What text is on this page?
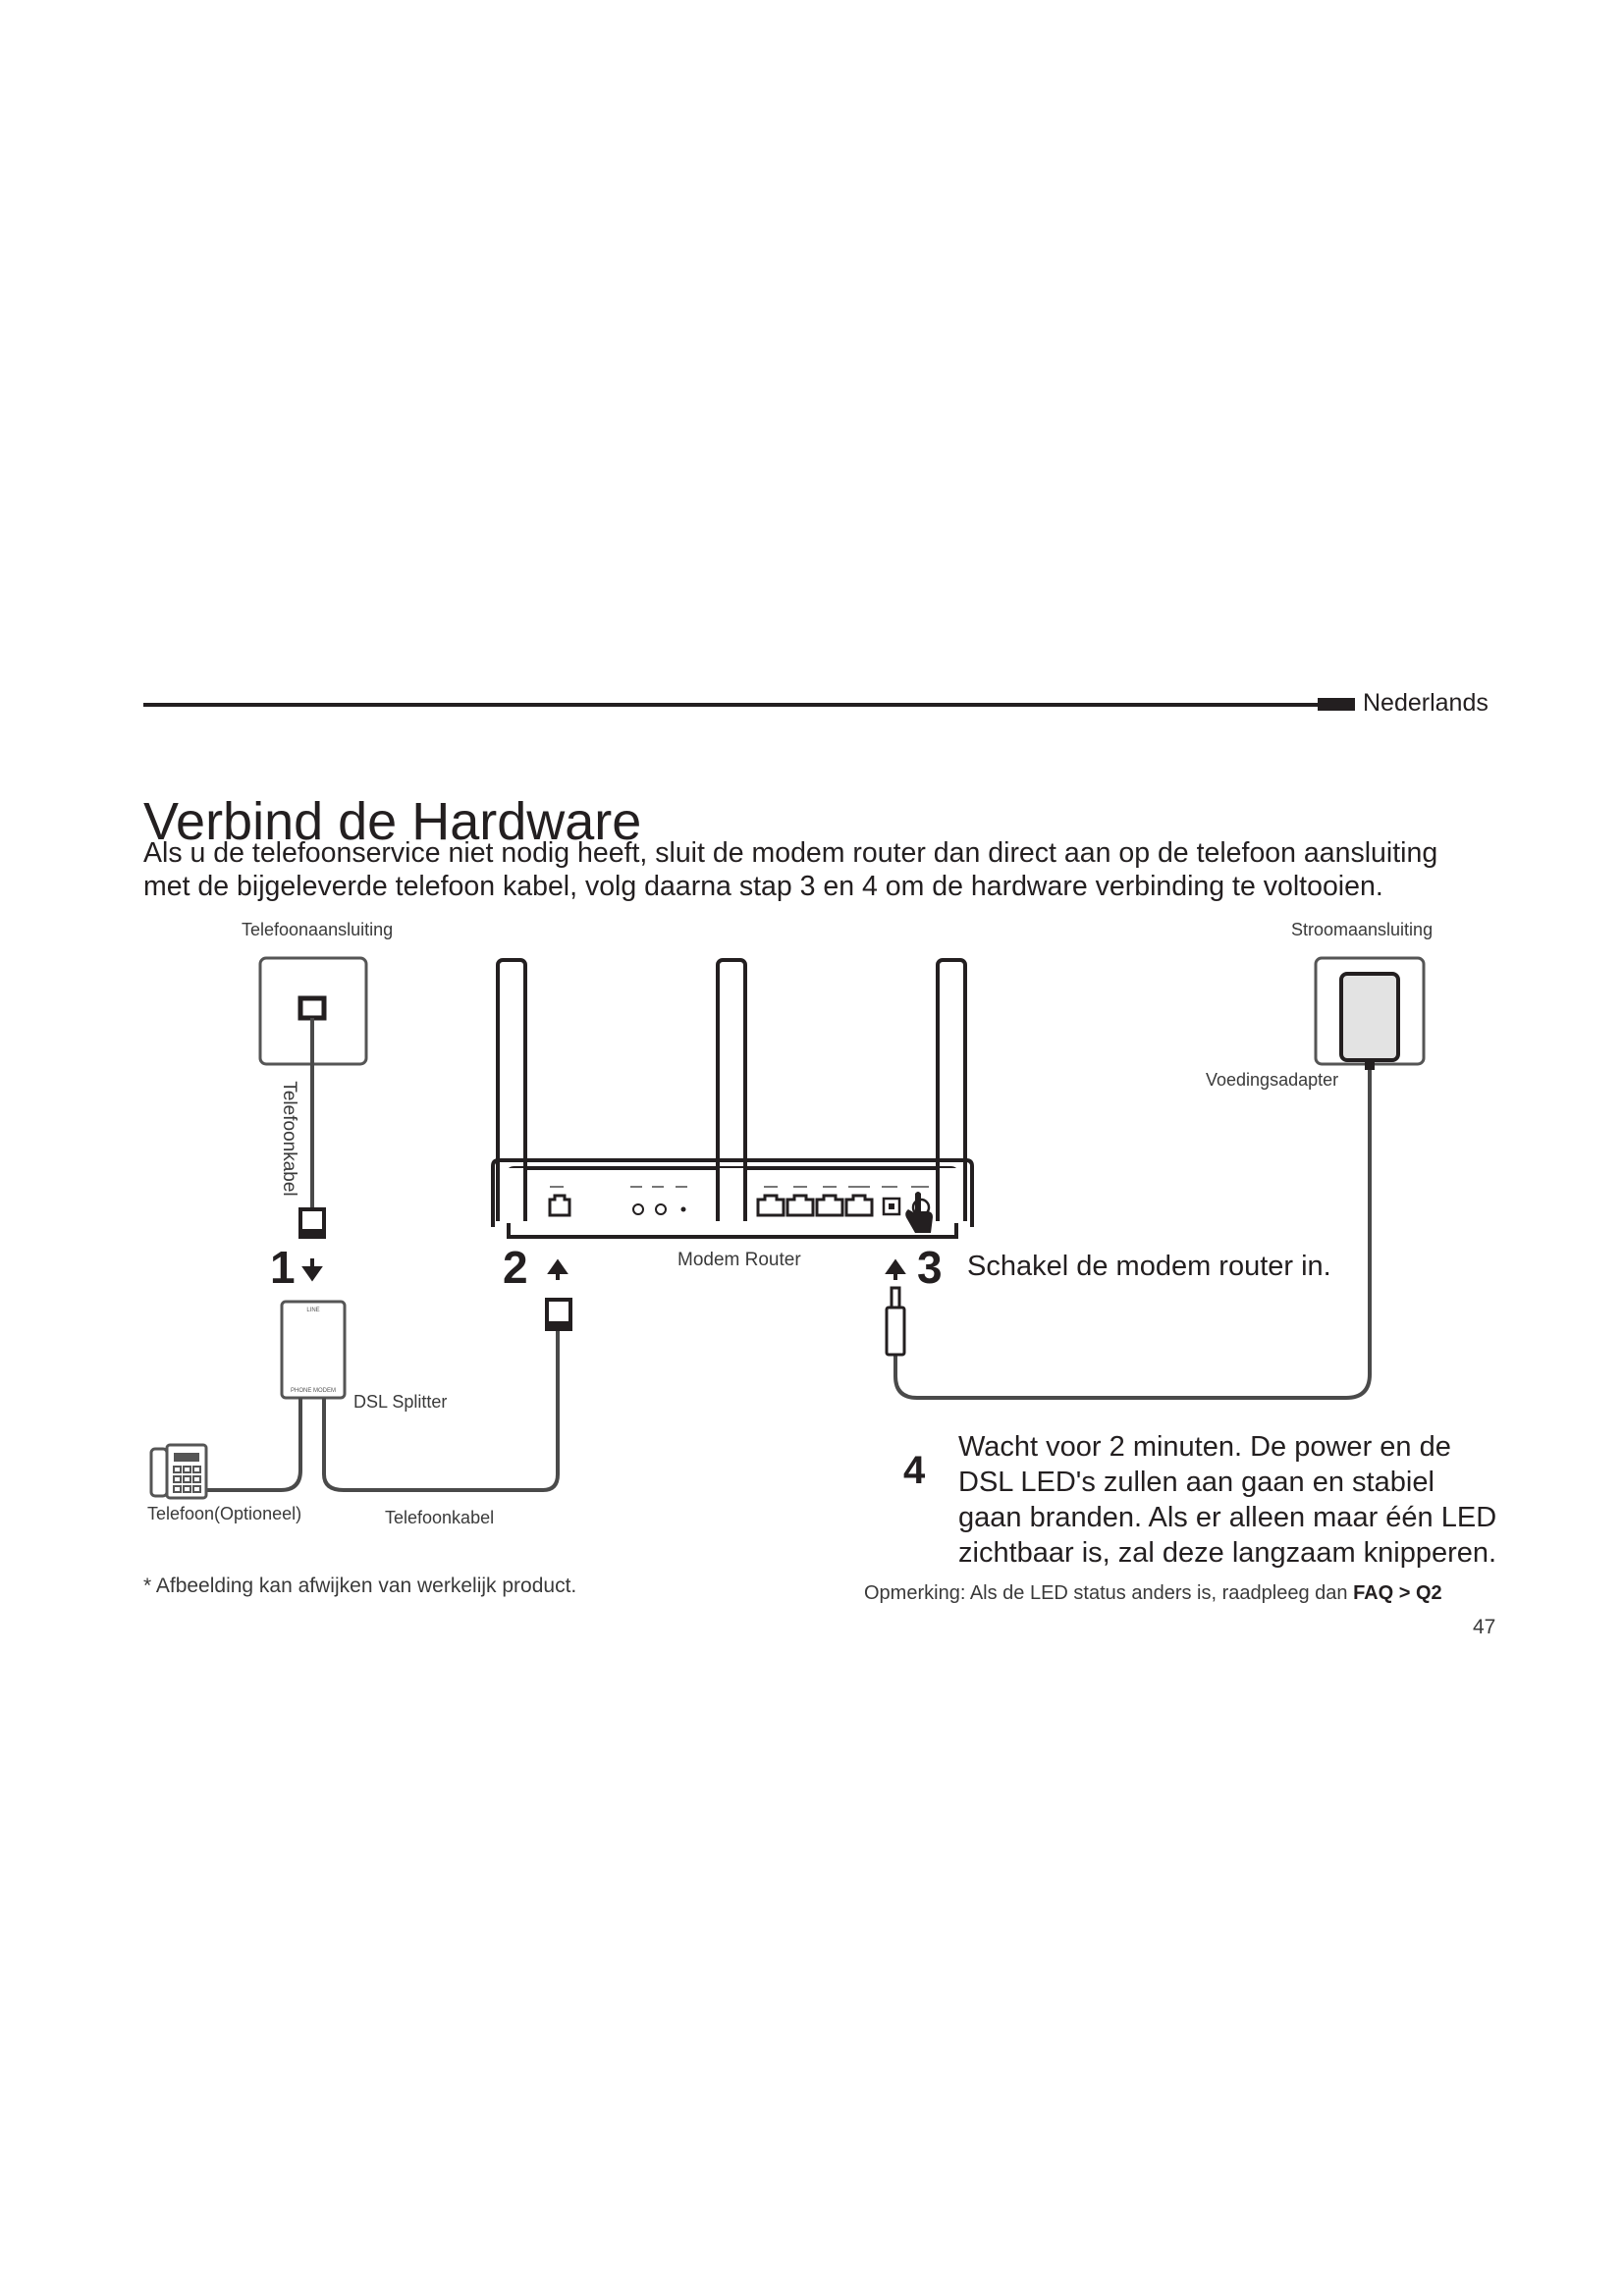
Nederlands
Verbind de Hardware

Als u de telefoonservice niet nodig heeft, sluit de modem router dan direct aan op de telefoon aansluiting

met de bijgeleverde telefoon kabel, volg daarna stap 3 en 4 om de hardware verbinding te voltooien.

LINE
PHONE MODEM
Telefoonaansluiting	Stroomaansluiting
Telefoonkabel
Voedingsadapter
Modem Router
DSL Splitter
Telefoon(Optioneel)	Telefoonkabel
1	2	3 Schakel de modem router in.
4
Wacht voor 2 minuten. De power en de
DSL LED's zullen aan gaan en stabiel
gaan branden. Als er alleen maar één LED
zichtbaar is, zal deze langzaam knipperen.
* Afbeelding kan afwijken van werkelijk product.	Opmerking: Als de LED status anders is, raadpleeg dan FAQ > Q2
47
